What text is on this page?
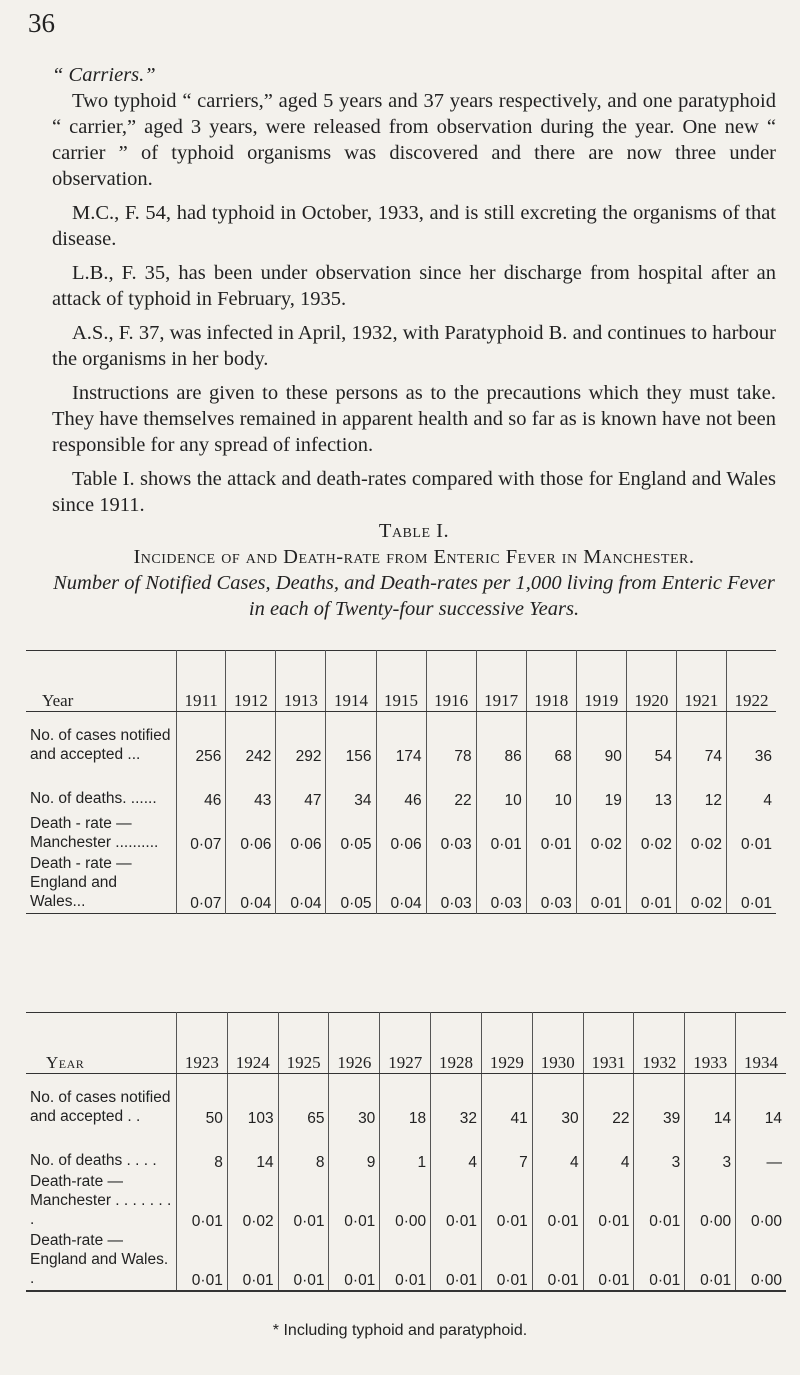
36

“ Carriers.”

Two typhoid “ carriers,” aged 5 years and 37 years respectively, and one paratyphoid “ carrier,” aged 3 years, were released from observation during the year. One new “ carrier ” of typhoid organisms was discovered and there are now three under observation.

M.C., F. 54, had typhoid in October, 1933, and is still excreting the organisms of that disease.

L.B., F. 35, has been under observation since her discharge from hospital after an attack of typhoid in February, 1935.

A.S., F. 37, was infected in April, 1932, with Paratyphoid B. and continues to harbour the organisms in her body.

Instructions are given to these persons as to the precautions which they must take. They have themselves remained in apparent health and so far as is known have not been responsible for any spread of infection.

Table I. shows the attack and death-rates compared with those for England and Wales since 1911.

Table I.

Incidence of and Death-rate from Enteric Fever in Manchester.

Number of Notified Cases, Deaths, and Death-rates per 1,000 living from Enteric Fever in each of Twenty-four successive Years.

Year	1911	1912	1913	1914	1915	1916	1917	1918	1919	1920	1921	1922
No. of cases notified and accepted ...	256	242	292	156	174	78	86	68	90	54	74	36
No. of deaths. ......	46	43	47	34	46	22	10	10	19	13	12	4
Death - rate — Manchester ..........	0·07	0·06	0·06	0·05	0·06	0·03	0·01	0·01	0·02	0·02	0·02	0·01
Death - rate — England and Wales...	0·07	0·04	0·04	0·05	0·04	0·03	0·03	0·03	0·01	0·01	0·02	0·01
Year	1923	1924	1925	1926	1927	1928	1929	1930	1931	1932	1933	1934
No. of cases notified and accepted . .	50	103	65	30	18	32	41	30	22	39	14	14
No. of deaths . . . .	8	14	8	9	1	4	7	4	4	3	3	—
Death-rate — Manchester . . . . . . . .	0·01	0·02	0·01	0·01	0·00	0·01	0·01	0·01	0·01	0·01	0·00	0·00
Death-rate — England and Wales. .	0·01	0·01	0·01	0·01	0·01	0·01	0·01	0·01	0·01	0·01	0·01	0·00
* Including typhoid and paratyphoid.
